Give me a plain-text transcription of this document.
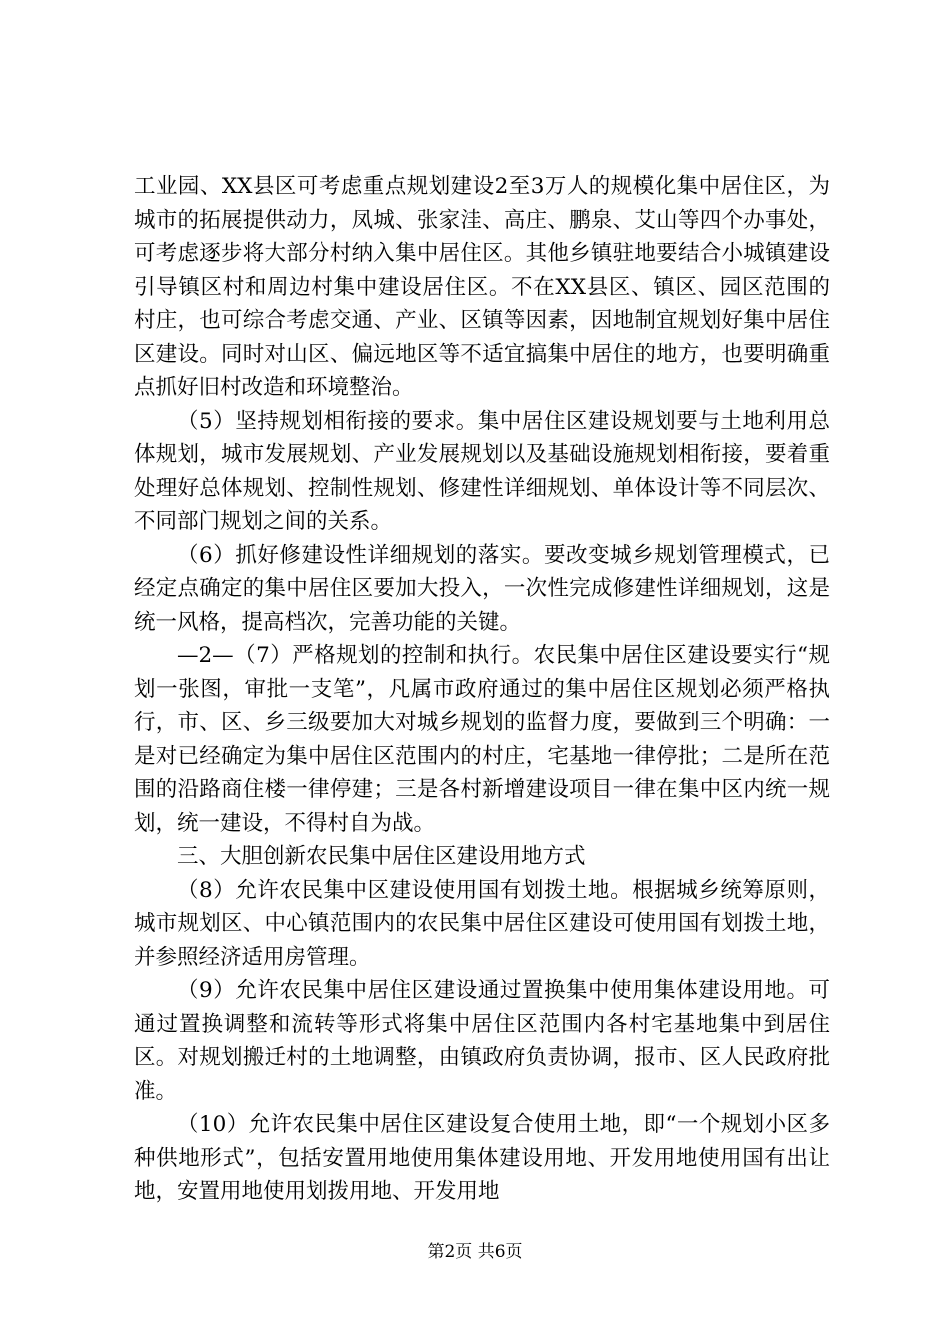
工业园、XX县区可考虑重点规划建设2至3万人的规模化集中居住区，为城市的拓展提供动力，凤城、张家洼、高庄、鹏泉、艾山等四个办事处，可考虑逐步将大部分村纳入集中居住区。其他乡镇驻地要结合小城镇建设引导镇区村和周边村集中建设居住区。不在XX县区、镇区、园区范围的村庄，也可综合考虑交通、产业、区镇等因素，因地制宜规划好集中居住区建设。同时对山区、偏远地区等不适宜搞集中居住的地方，也要明确重点抓好旧村改造和环境整治。

（5）坚持规划相衔接的要求。集中居住区建设规划要与土地利用总体规划，城市发展规划、产业发展规划以及基础设施规划相衔接，要着重处理好总体规划、控制性规划、修建性详细规划、单体设计等不同层次、不同部门规划之间的关系。

（6）抓好修建设性详细规划的落实。要改变城乡规划管理模式，已经定点确定的集中居住区要加大投入，一次性完成修建性详细规划，这是统一风格，提高档次，完善功能的关键。

—2—（7）严格规划的控制和执行。农民集中居住区建设要实行“规划一张图，审批一支笔”，凡属市政府通过的集中居住区规划必须严格执行，市、区、乡三级要加大对城乡规划的监督力度，要做到三个明确：一是对已经确定为集中居住区范围内的村庄，宅基地一律停批；二是所在范围的沿路商住楼一律停建；三是各村新增建设项目一律在集中区内统一规划，统一建设，不得村自为战。

三、大胆创新农民集中居住区建设用地方式

（8）允许农民集中区建设使用国有划拨土地。根据城乡统筹原则，城市规划区、中心镇范围内的农民集中居住区建设可使用国有划拨土地，并参照经济适用房管理。

（9）允许农民集中居住区建设通过置换集中使用集体建设用地。可通过置换调整和流转等形式将集中居住区范围内各村宅基地集中到居住区。对规划搬迁村的土地调整，由镇政府负责协调，报市、区人民政府批准。

（10）允许农民集中居住区建设复合使用土地，即“一个规划小区多种供地形式”，包括安置用地使用集体建设用地、开发用地使用国有出让地，安置用地使用划拨用地、开发用地

第2页 共6页
